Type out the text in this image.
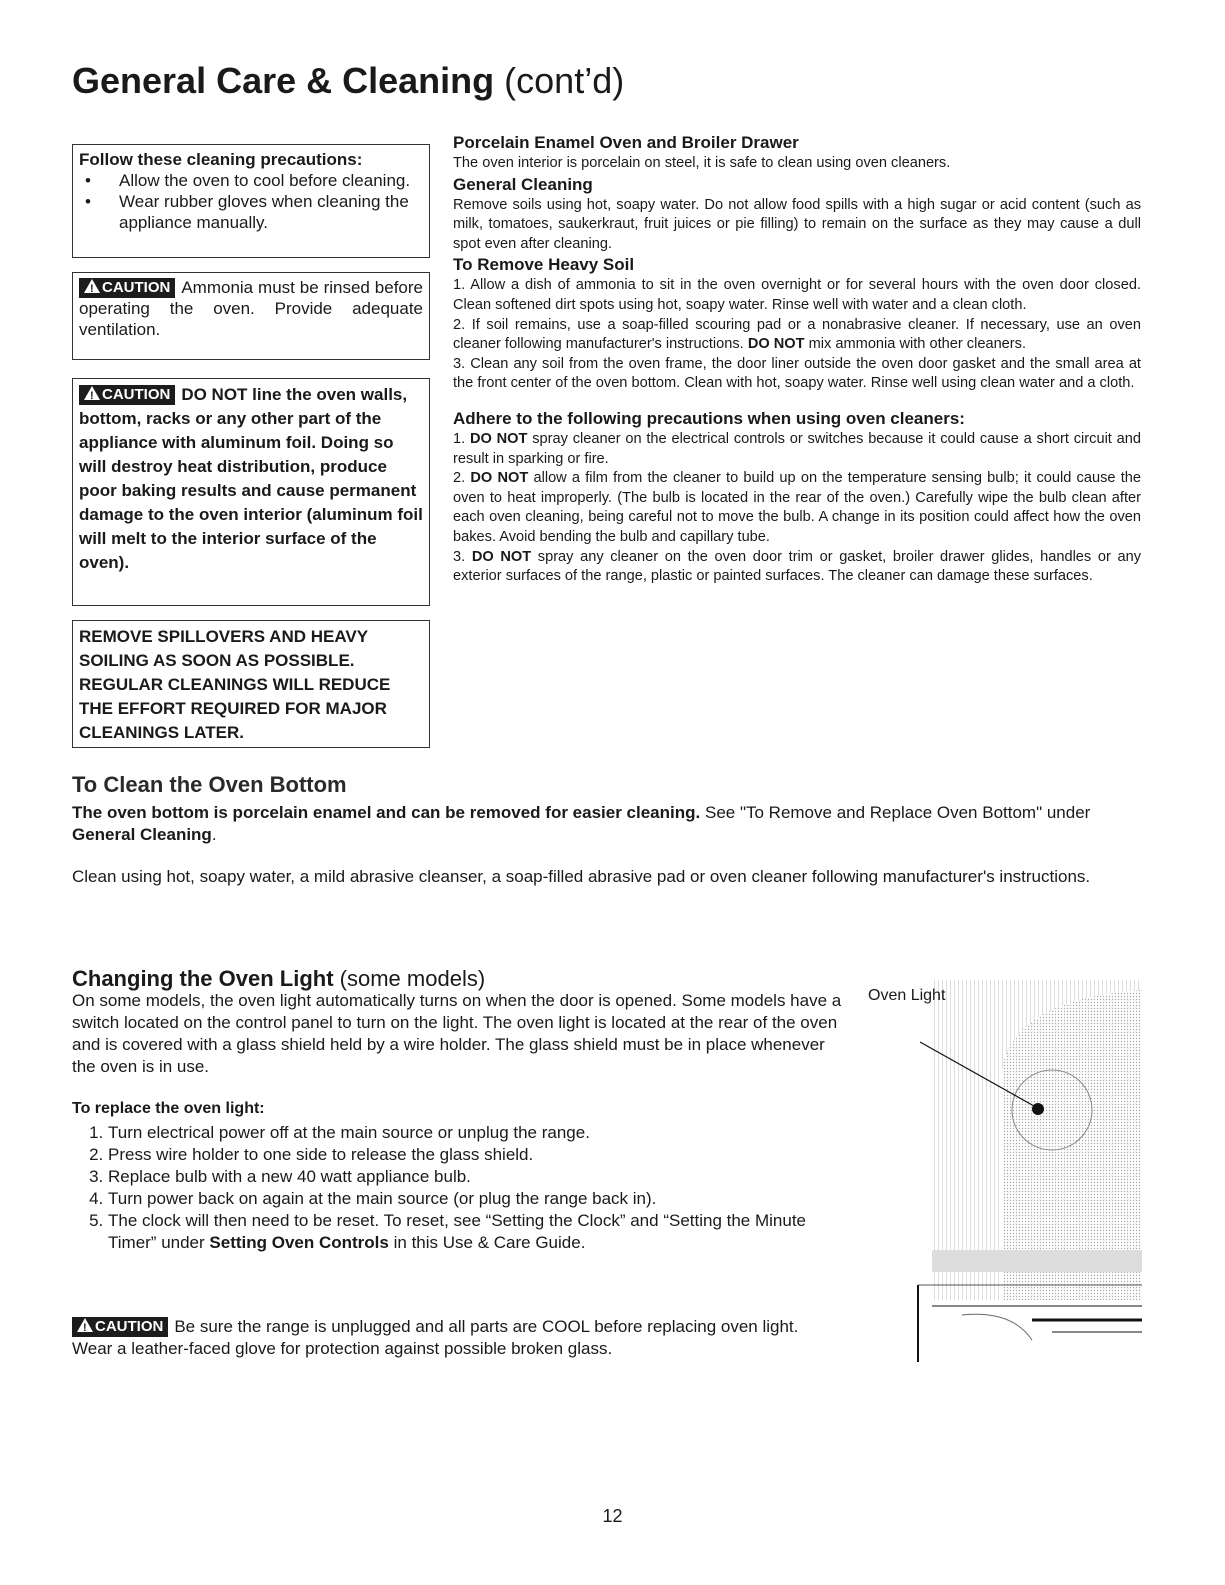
General Care & Cleaning (cont’d)
Follow these cleaning precautions:
• Allow the oven to cool before cleaning.
• Wear rubber gloves when cleaning the appliance manually.
!CAUTION Ammonia must be rinsed before operating the oven. Provide adequate ventilation.
!CAUTION DO NOT line the oven walls, bottom, racks or any other part of the appliance with aluminum foil. Doing so will destroy heat distribution, produce poor baking results and cause permanent damage to the oven interior (aluminum foil will melt to the interior surface of the oven).
REMOVE SPILLOVERS AND HEAVY SOILING AS SOON AS POSSIBLE. REGULAR CLEANINGS WILL REDUCE THE EFFORT REQUIRED FOR MAJOR CLEANINGS LATER.
Porcelain Enamel Oven and Broiler Drawer

The oven interior is porcelain on steel, it is safe to clean using oven cleaners.

General Cleaning

Remove soils using hot, soapy water. Do not allow food spills with a high sugar or acid content (such as milk, tomatoes, saukerkraut, fruit juices or pie filling) to remain on the surface as they may cause a dull spot even after cleaning.

To Remove Heavy Soil

1. Allow a dish of ammonia to sit in the oven overnight or for several hours with the oven door closed. Clean softened dirt spots using hot, soapy water. Rinse well with water and a clean cloth.

2. If soil remains, use a soap-filled scouring pad or a nonabrasive cleaner. If necessary, use an oven cleaner following manufacturer's instructions. DO NOT mix ammonia with other cleaners.

3. Clean any soil from the oven frame, the door liner outside the oven door gasket and the small area at the front center of the oven bottom. Clean with hot, soapy water. Rinse well using clean water and a cloth.

Adhere to the following precautions when using oven cleaners:

1. DO NOT spray cleaner on the electrical controls or switches because it could cause a short circuit and result in sparking or fire.

2. DO NOT allow a film from the cleaner to build up on the temperature sensing bulb; it could cause the oven to heat improperly. (The bulb is located in the rear of the oven.) Carefully wipe the bulb clean after each oven cleaning, being careful not to move the bulb. A change in its position could affect how the oven bakes. Avoid bending the bulb and capillary tube.

3. DO NOT spray any cleaner on the oven door trim or gasket, broiler drawer glides, handles or any exterior surfaces of the range, plastic or painted surfaces. The cleaner can damage these surfaces.

To Clean the Oven Bottom
The oven bottom is porcelain enamel and can be removed for easier cleaning. See "To Remove and Replace Oven Bottom" under General Cleaning.
Clean using hot, soapy water, a mild abrasive cleanser, a soap-filled abrasive pad or oven cleaner following manufacturer's instructions.
Changing the Oven Light (some models)
On some models, the oven light automatically turns on when the door is opened. Some models have a switch located on the control panel to turn on the light. The oven light is located at the rear of the oven and is covered with a glass shield held by a wire holder. The glass shield must be in place whenever the oven is in use.
To replace the oven light:
1. Turn electrical power off at the main source or unplug the range.
2. Press wire holder to one side to release the glass shield.
3. Replace bulb with a new 40 watt appliance bulb.
4. Turn power back on again at the main source (or plug the range back in).
5. The clock will then need to be reset. To reset, see “Setting the Clock” and “Setting the Minute Timer” under Setting Oven Controls in this Use & Care Guide.
!CAUTION Be sure the range is unplugged and all parts are COOL before replacing oven light. Wear a leather-faced glove for protection against possible broken glass.
Oven Light
12
